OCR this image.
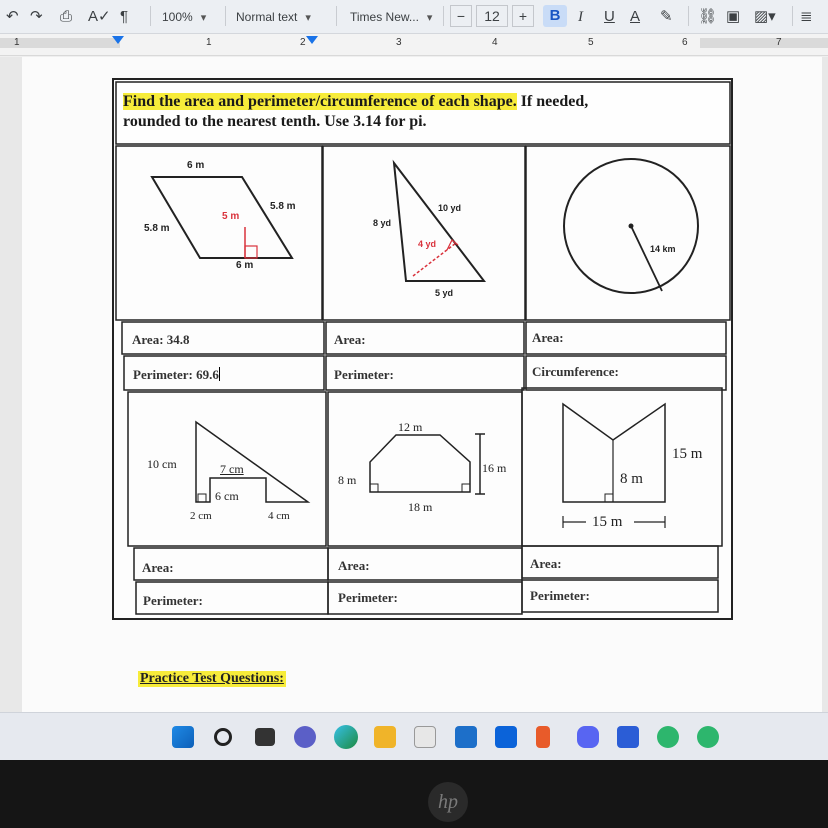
↶ ↷ ⎙ A✓ ¶	100% ▾	Normal text ▾	Times New... ▾	−	12	+	B	I U A ✎ ⛓ ▣ ▨▾ ≣
1	1	2	3	4	5	6	7
Find the area and perimeter/circumference of each shape. If needed,
rounded to the nearest tenth. Use 3.14 for pi.
6 m
6 m
5.8 m
5.8 m
5 m
8 yd
10 yd
4 yd
5 yd
14 km
Area: 34.8	Area:	Area:
Perimeter: 69.6	Perimeter:	Circumference:
10 cm	7 cm
6 cm
2 cm	4 cm
12 m
8 m
16 m
18 m
15 m
8 m
15 m
Area:	Area:	Area:
Perimeter:	Perimeter:	Perimeter:
Practice Test Questions:
hp
